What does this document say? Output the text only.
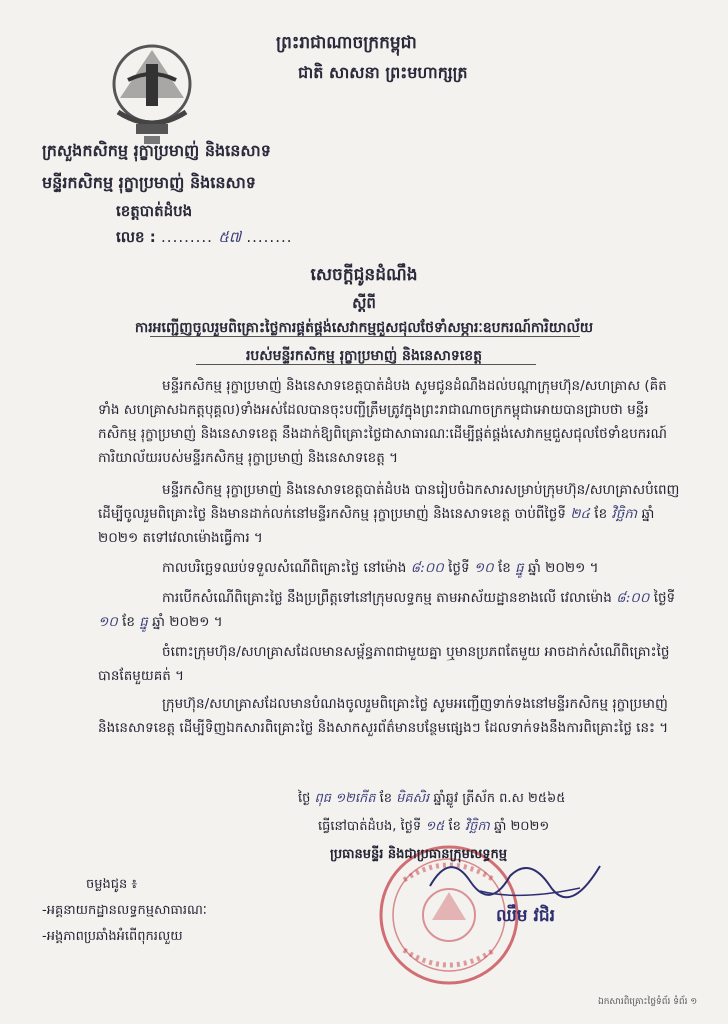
ព្រះរាជាណាចក្រកម្ពុជា
ជាតិ សាសនា ព្រះមហាក្សត្រ
ក្រសួងកសិកម្ម រុក្ខាប្រមាញ់ និងនេសាទ
មន្ទីរកសិកម្ម រុក្ខាប្រមាញ់ និងនេសាទ
ខេត្តបាត់ដំបង
លេខ : ......... ៥៧ ........
សេចក្តីជូនដំណឹង
ស្តីពី
ការអញ្ជើញចូលរួមពិគ្រោះថ្លៃការផ្គត់ផ្គង់សេវាកម្មជួសជុលថែទាំសម្ភារៈឧបករណ៍ការិយាល័យ
របស់មន្ទីរកសិកម្ម រុក្ខាប្រមាញ់ និងនេសាទខេត្ត
មន្ទីរកសិកម្ម រុក្ខាប្រមាញ់ និងនេសាទខេត្តបាត់ដំបង សូមជូនដំណឹងដល់បណ្តាក្រុមហ៊ុន/សហគ្រាស (គិតទាំង សហគ្រាសឯកត្តបុគ្គល)ទាំងអស់ដែលបានចុះបញ្ជីត្រឹមត្រូវក្នុងព្រះរាជាណាចក្រកម្ពុជាអោយបានជ្រាបថា មន្ទីរកសិកម្ម រុក្ខាប្រមាញ់ និងនេសាទខេត្ត នឹងដាក់ឱ្យពិគ្រោះថ្លៃជាសាធារណៈដើម្បីផ្គត់ផ្គង់សេវាកម្មជួសជុលថែទាំឧបករណ៍ ការិយាល័យរបស់មន្ទីរកសិកម្ម រុក្ខាប្រមាញ់ និងនេសាទខេត្ត ។
មន្ទីរកសិកម្ម រុក្ខាប្រមាញ់ និងនេសាទខេត្តបាត់ដំបង បានរៀបចំឯកសារសម្រាប់ក្រុមហ៊ុន/សហគ្រាសបំពេញ ដើម្បីចូលរួមពិគ្រោះថ្លៃ និងមានដាក់លក់នៅមន្ទីរកសិកម្ម រុក្ខាប្រមាញ់ និងនេសាទខេត្ត ចាប់ពីថ្ងៃទី ២៤ ខែ វិច្ឆិកា ឆ្នាំ ២០២១ តទៅវេលាម៉ោងធ្វើការ ។
កាលបរិច្ឆេទឈប់ទទួលសំណើពិគ្រោះថ្លៃ នៅម៉ោង ៨:០០ ថ្ងៃទី ១០ ខែ ធ្នូ ឆ្នាំ ២០២១ ។
ការបើកសំណើពិគ្រោះថ្លៃ នឹងប្រព្រឹត្តទៅនៅក្រុមលទ្ធកម្ម តាមអាស័យដ្ឋានខាងលើ វេលាម៉ោង ៨:០០ ថ្ងៃទី ១០ ខែ ធ្នូ ឆ្នាំ ២០២១ ។
ចំពោះក្រុមហ៊ុន/សហគ្រាសដែលមានសម្ព័ន្ធភាពជាមួយគ្នា ឬមានប្រភពតែមួយ អាចដាក់សំណើពិគ្រោះថ្លៃ បានតែមួយគត់ ។
ក្រុមហ៊ុន/សហគ្រាសដែលមានបំណងចូលរួមពិគ្រោះថ្លៃ សូមអញ្ជើញទាក់ទងនៅមន្ទីរកសិកម្ម រុក្ខាប្រមាញ់ និងនេសាទខេត្ត ដើម្បីទិញឯកសារពិគ្រោះថ្លៃ និងសាកសួរព័ត៌មានបន្ថែមផ្សេងៗ ដែលទាក់ទងនឹងការពិគ្រោះថ្លៃ នេះ ។
ថ្ងៃ ពុធ ១២កើត ខែ មិគសិរ ឆ្នាំឆ្លូវ ត្រីស័ក ព.ស ២៥៦៥
ធ្វើនៅបាត់ដំបង, ថ្ងៃទី ១៥ ខែ វិច្ឆិកា ឆ្នាំ ២០២១
ប្រធានមន្ទីរ និងជាប្រធានក្រុមលទ្ធកម្ម
ចម្លងជូន ៖
-អគ្គនាយកដ្ឋានលទ្ធកម្មសាធារណៈ
-អង្គភាពប្រឆាំងអំពើពុករលួយ
ឈឹម វជិរ
ឯកសារពិគ្រោះថ្លៃទំព័រ ទំព័រ ១
